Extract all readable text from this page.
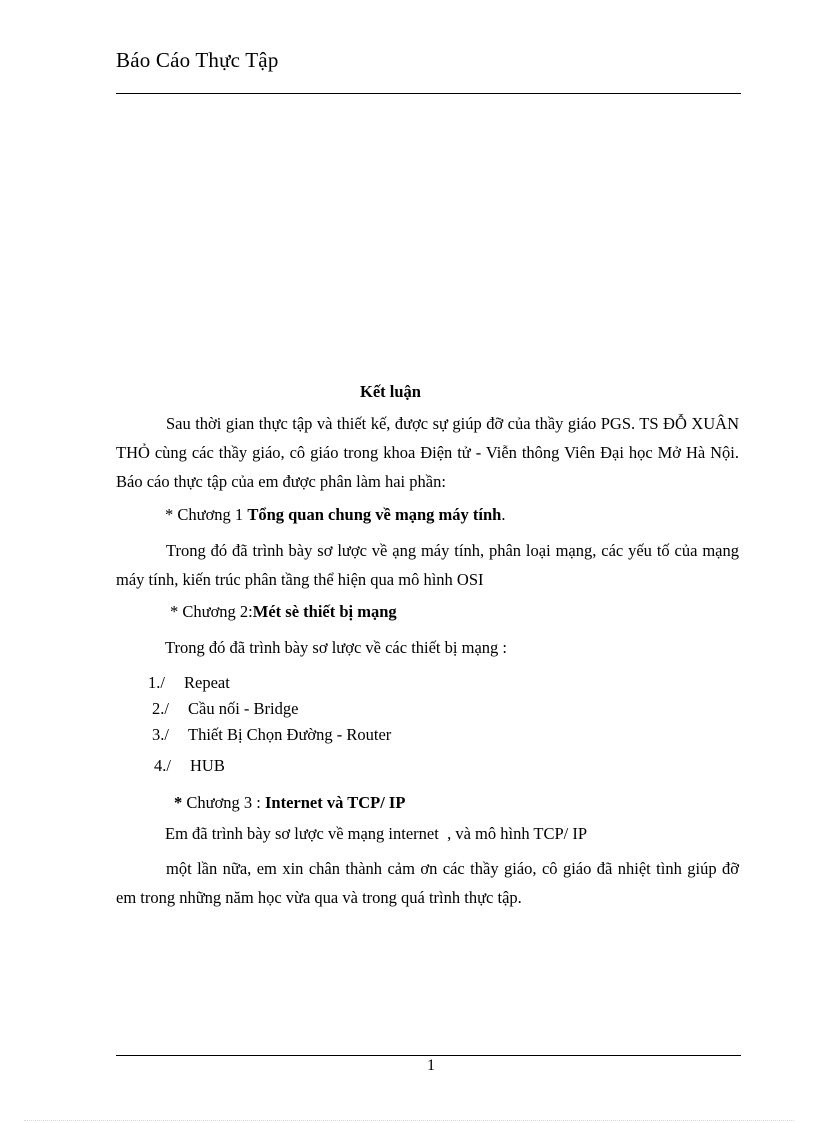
Báo Cáo Thực Tập
Kết luận
Sau thời gian thực tập và thiết kế, được sự giúp đỡ của thầy giáo PGS. TS ĐỖ XUÂN THỎ cùng các thầy giáo, cô giáo trong khoa Điện tử - Viễn thông Viên Đại học Mở Hà Nội. Báo cáo thực tập của em được phân làm hai phần:
* Chương 1 Tổng quan chung về mạng máy tính.
Trong đó đã trình bày sơ lược về ạng máy tính, phân loại mạng, các yếu tố của mạng máy tính, kiến trúc phân tầng thể hiện qua mô hình OSI
* Chương 2:Mét sè thiết bị mạng
Trong đó đã trình bày sơ lược về các thiết bị mạng :
1./ Repeat
2./ Cầu nối - Bridge
3./ Thiết Bị Chọn Đường - Router
4./ HUB
* Chương 3 : Internet và TCP/ IP
Em đã trình bày sơ lược về mạng internet  , và mô hình TCP/ IP
một lần nữa, em xin chân thành cảm ơn các thầy giáo, cô giáo đã nhiệt tình giúp đỡ em trong những năm học vừa qua và trong quá trình thực tập.
1
